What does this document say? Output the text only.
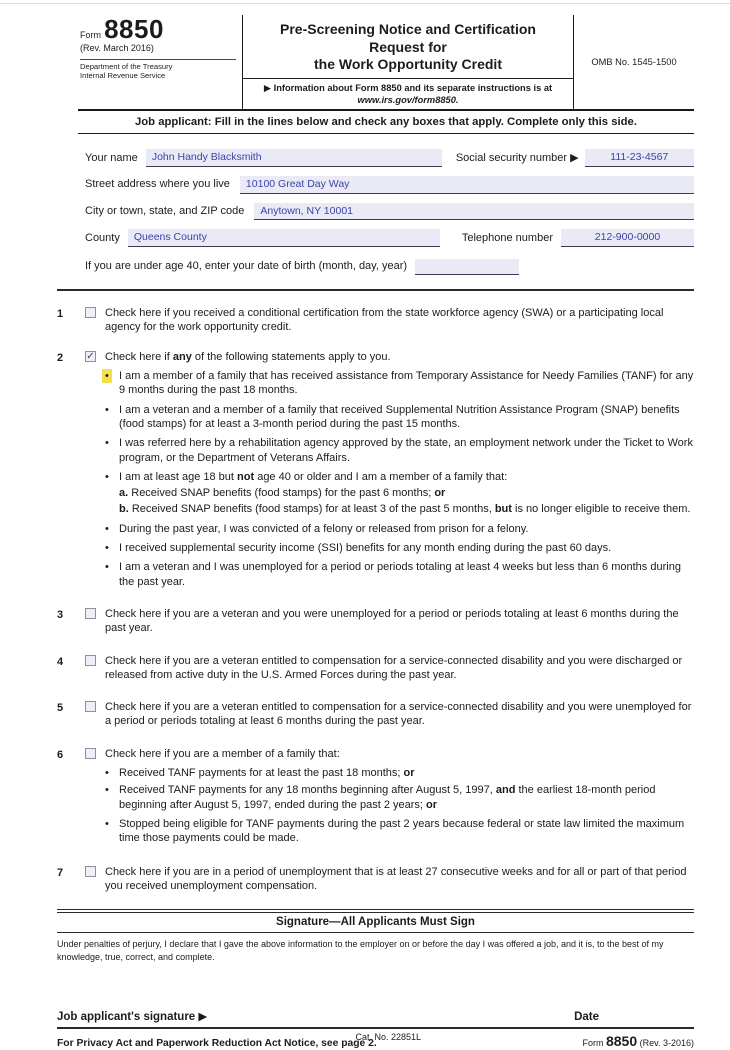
Form 8850
(Rev. March 2016)
Department of the Treasury
Internal Revenue Service
Pre-Screening Notice and Certification Request for
the Work Opportunity Credit
▶ Information about Form 8850 and its separate instructions is at www.irs.gov/form8850.
OMB No. 1545-1500
Job applicant: Fill in the lines below and check any boxes that apply. Complete only this side.
Your name	John Handy Blacksmith	Social security number ▶	111-23-4567
Street address where you live	10100 Great Day Way
City or town, state, and ZIP code	Anytown, NY 10001
County	Queens County	Telephone number	212-900-0000
If you are under age 40, enter your date of birth (month, day, year)
1	Check here if you received a conditional certification from the state workforce agency (SWA) or a participating local agency for the work opportunity credit.
2	✓ Check here if any of the following statements apply to you.
• I am a member of a family that has received assistance from Temporary Assistance for Needy Families (TANF) for any 9 months during the past 18 months.
• I am a veteran and a member of a family that received Supplemental Nutrition Assistance Program (SNAP) benefits (food stamps) for at least a 3-month period during the past 15 months.
• I was referred here by a rehabilitation agency approved by the state, an employment network under the Ticket to Work program, or the Department of Veterans Affairs.
• I am at least age 18 but not age 40 or older and I am a member of a family that:
a. Received SNAP benefits (food stamps) for the past 6 months; or
b. Received SNAP benefits (food stamps) for at least 3 of the past 5 months, but is no longer eligible to receive them.
• During the past year, I was convicted of a felony or released from prison for a felony.
• I received supplemental security income (SSI) benefits for any month ending during the past 60 days.
• I am a veteran and I was unemployed for a period or periods totaling at least 4 weeks but less than 6 months during the past year.
3	Check here if you are a veteran and you were unemployed for a period or periods totaling at least 6 months during the past year.
4	Check here if you are a veteran entitled to compensation for a service-connected disability and you were discharged or released from active duty in the U.S. Armed Forces during the past year.
5	Check here if you are a veteran entitled to compensation for a service-connected disability and you were unemployed for a period or periods totaling at least 6 months during the past year.
6	Check here if you are a member of a family that:
• Received TANF payments for at least the past 18 months; or
• Received TANF payments for any 18 months beginning after August 5, 1997, and the earliest 18-month period beginning after August 5, 1997, ended during the past 2 years; or
• Stopped being eligible for TANF payments during the past 2 years because federal or state law limited the maximum time those payments could be made.
7	Check here if you are in a period of unemployment that is at least 27 consecutive weeks and for all or part of that period you received unemployment compensation.
Signature—All Applicants Must Sign
Under penalties of perjury, I declare that I gave the above information to the employer on or before the day I was offered a job, and it is, to the best of my knowledge, true, correct, and complete.
Job applicant's signature ▶	Date
For Privacy Act and Paperwork Reduction Act Notice, see page 2.
Cat. No. 22851L
Form 8850 (Rev. 3-2016)
